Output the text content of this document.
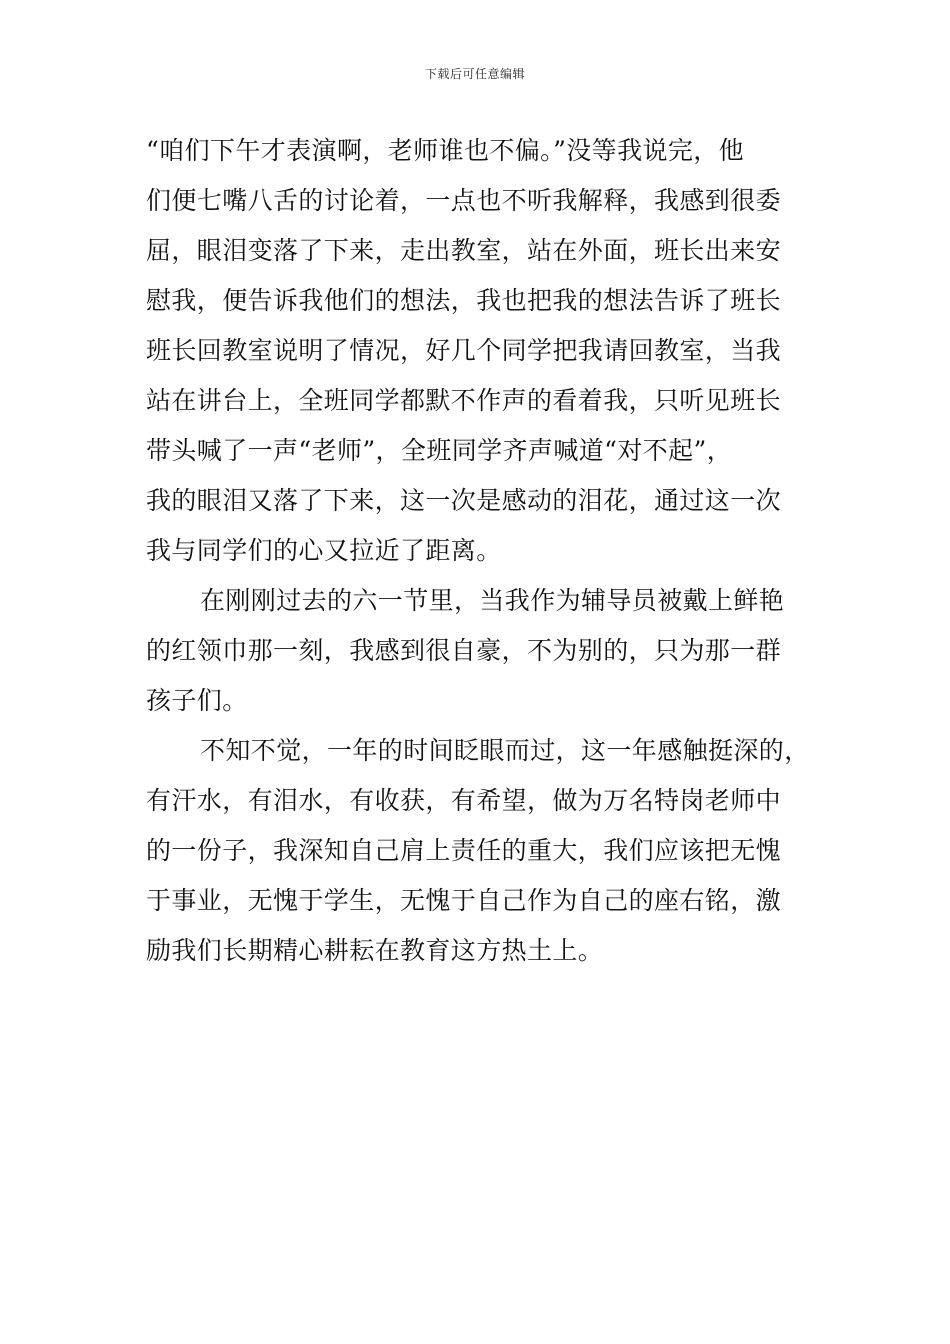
下载后可任意编辑
“咱们下午才表演啊，老师谁也不偏。”没等我说完，他
们便七嘴八舌的讨论着，一点也不听我解释，我感到很委
屈，眼泪变落了下来，走出教室，站在外面，班长出来安
慰我，便告诉我他们的想法，我也把我的想法告诉了班长
班长回教室说明了情况，好几个同学把我请回教室，当我
站在讲台上，全班同学都默不作声的看着我，只听见班长
带头喊了一声“老师”，全班同学齐声喊道“对不起”，
我的眼泪又落了下来，这一次是感动的泪花，通过这一次
我与同学们的心又拉近了距离。
在刚刚过去的六一节里，当我作为辅导员被戴上鲜艳
的红领巾那一刻，我感到很自豪，不为别的，只为那一群
孩子们。
不知不觉，一年的时间眨眼而过，这一年感触挺深的，
有汗水，有泪水，有收获，有希望，做为万名特岗老师中
的一份子，我深知自己肩上责任的重大，我们应该把无愧
于事业，无愧于学生，无愧于自己作为自己的座右铭，激
励我们长期精心耕耘在教育这方热土上。
